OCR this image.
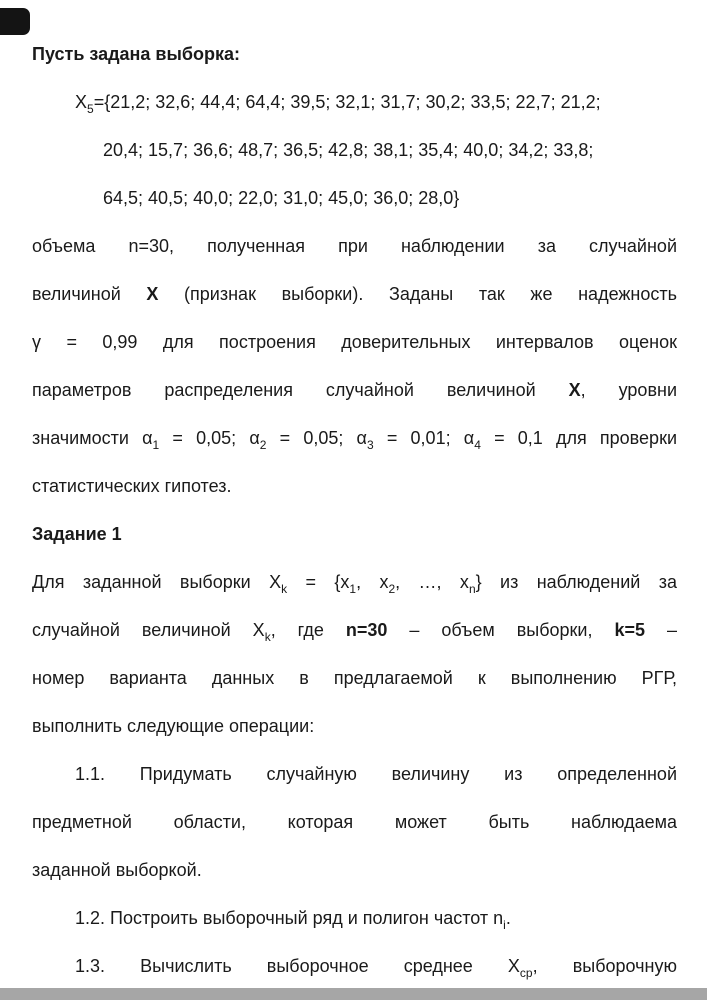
Пусть задана выборка:
$X_5=\{21,2$; 32,6; 44,4; 64,4; 39,5; 32,1; 31,7; 30,2; 33,5; 22,7; 21,2;
20,4; 15,7; 36,6; 48,7; 36,5; 42,8; 38,1; 35,4; 40,0; 34,2; 33,8;
64,5; 40,5; 40,0; 22,0; 31,0; 45,0; 36,0; 28,0}
объема n=30, полученная при наблюдении за случайной
величиной X (признак выборки). Заданы так же надежность
γ = 0,99 для построения доверительных интервалов оценок
параметров распределения случайной величиной X, уровни
значимости $\alpha_1 = 0,05$; $\alpha_2 = 0,05$; $\alpha_3 = 0,01$; $\alpha_4 = 0,1$ для проверки
статистических гипотез.
Задание 1
Для заданной выборки $X_k = \{x_1$, $x_2$, …, $x_n$} из наблюдений за
случайной величиной $X_k$, где n=30 – объем выборки, k=5 –
номер варианта данных в предлагаемой к выполнению РГР,
выполнить следующие операции:
1.1. Придумать случайную величину из определенной
предметной области, которая может быть наблюдаема
заданной выборкой.
1.2. Построить выборочный ряд и полигон частот $n_i$.
1.3. Вычислить выборочное среднее $X_{ср}$, выборочную
